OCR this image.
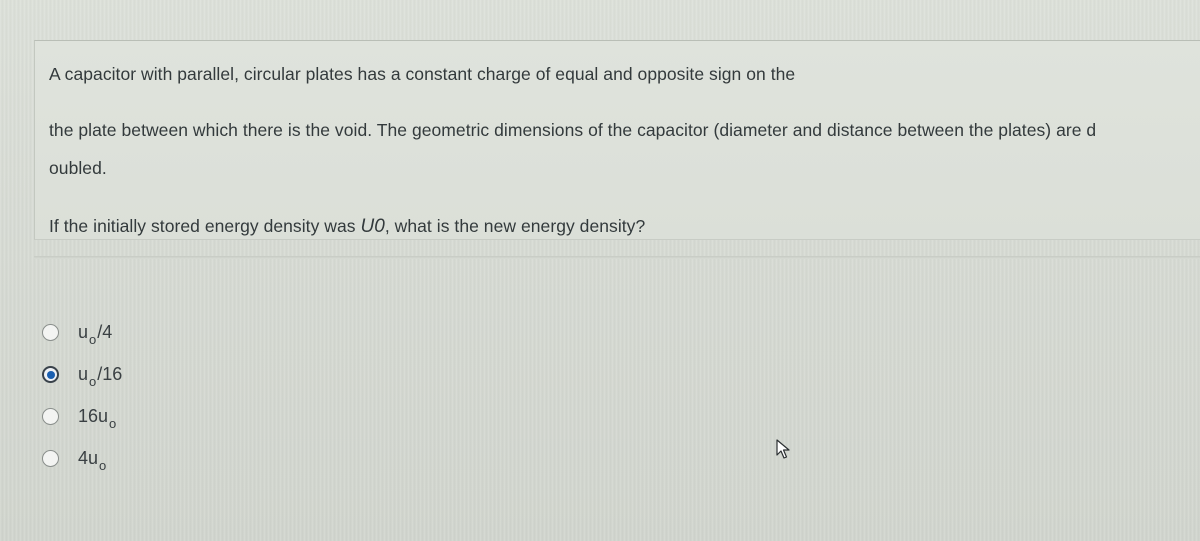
A capacitor with parallel, circular plates has a constant charge of equal and opposite sign on the
the plate between which there is the void. The geometric dimensions of the capacitor (diameter and distance between the plates) are d
oubled.
If the initially stored energy density was U0, what is the new energy density?
$u_o/4$
$u_o/16$
$16u_o$
$4u_o$
